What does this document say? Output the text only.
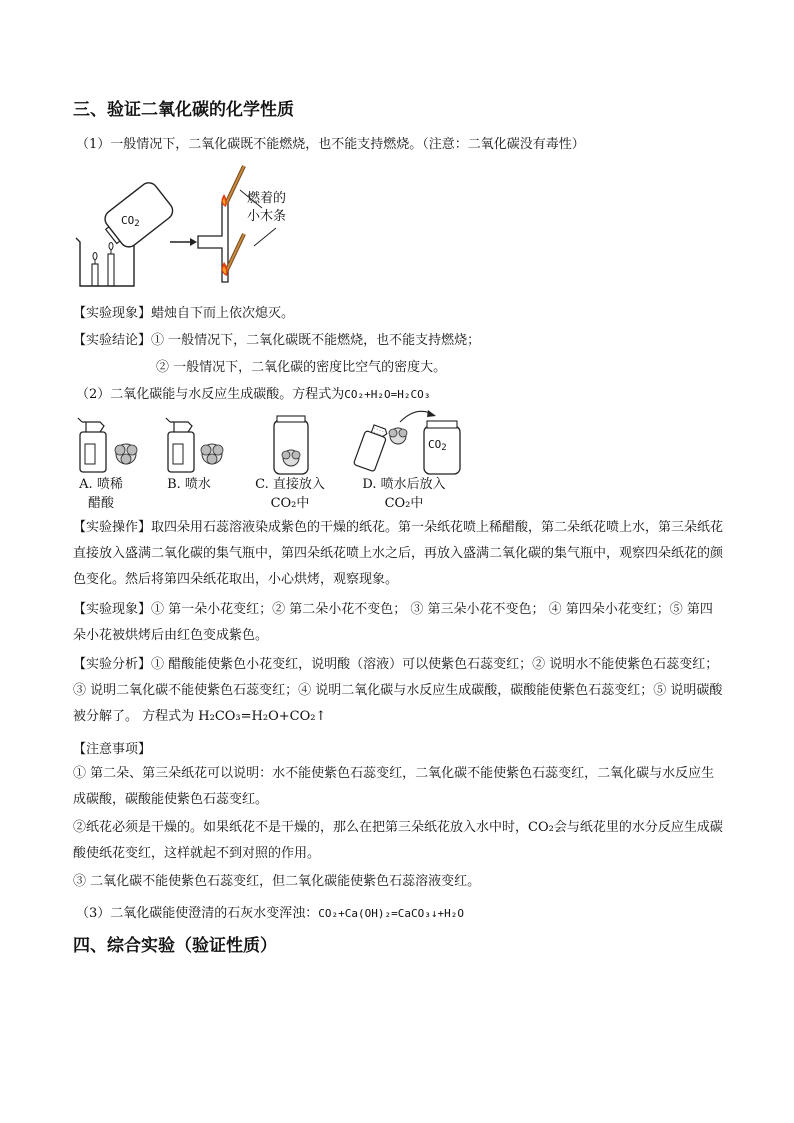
三、验证二氧化碳的化学性质
（1）一般情况下，二氧化碳既不能燃烧，也不能支持燃烧。（注意：二氧化碳没有毒性）
$CO_2$
燃着的
小木条
【实验现象】蜡烛自下而上依次熄灭。
【实验结论】① 一般情况下，二氧化碳既不能燃烧，也不能支持燃烧；
② 一般情况下，二氧化碳的密度比空气的密度大。
（2）二氧化碳能与水反应生成碳酸。方程式为CO₂+H₂O=H₂CO₃
$CO_2$
A. 喷稀
醋酸
B. 喷水	C. 直接放入
CO₂中
D. 喷水后放入
CO₂中
【实验操作】取四朵用石蕊溶液染成紫色的干燥的纸花。第一朵纸花喷上稀醋酸，第二朵纸花喷上水，第三朵纸花直接放入盛满二氧化碳的集气瓶中，第四朵纸花喷上水之后，再放入盛满二氧化碳的集气瓶中，观察四朵纸花的颜色变化。然后将第四朵纸花取出，小心烘烤，观察现象。
【实验现象】① 第一朵小花变红；② 第二朵小花不变色； ③ 第三朵小花不变色； ④ 第四朵小花变红；⑤ 第四朵小花被烘烤后由红色变成紫色。
【实验分析】① 醋酸能使紫色小花变红，说明酸（溶液）可以使紫色石蕊变红；② 说明水不能使紫色石蕊变红；③ 说明二氧化碳不能使紫色石蕊变红；④ 说明二氧化碳与水反应生成碳酸，碳酸能使紫色石蕊变红；⑤ 说明碳酸被分解了。 方程式为 H₂CO₃=H₂O+CO₂↑
【注意事项】
① 第二朵、第三朵纸花可以说明：水不能使紫色石蕊变红，二氧化碳不能使紫色石蕊变红，二氧化碳与水反应生成碳酸，碳酸能使紫色石蕊变红。
②纸花必须是干燥的。如果纸花不是干燥的，那么在把第三朵纸花放入水中时，CO₂会与纸花里的水分反应生成碳酸使纸花变红，这样就起不到对照的作用。
③ 二氧化碳不能使紫色石蕊变红，但二氧化碳能使紫色石蕊溶液变红。
（3）二氧化碳能使澄清的石灰水变浑浊：CO₂+Ca(OH)₂=CaCO₃↓+H₂O
四、综合实验（验证性质）
